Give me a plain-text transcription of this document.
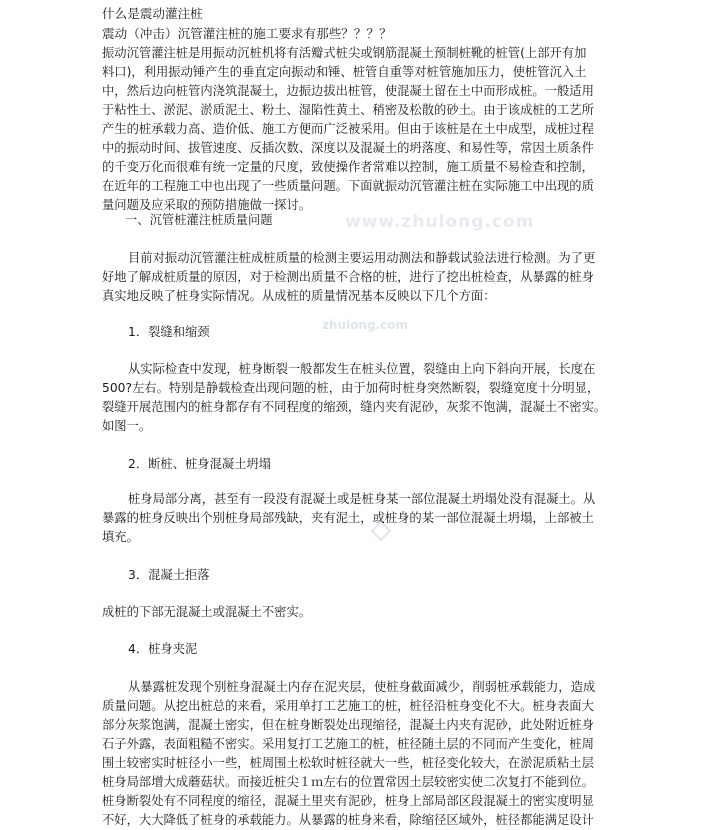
www.zhulong.com
zhulong.com
什么是震动灌注桩
震动（冲击）沉管灌注桩的施工要求有那些？？？？
振动沉管灌注桩是用振动沉桩机将有活瓣式桩尖或钢筋混凝土预制桩靴的桩管(上部开有加
料口)，利用振动锤产生的垂直定向振动和锤、桩管自重等对桩管施加压力，使桩管沉入土
中，然后边向桩管内浇筑混凝土，边振边拔出桩管，使混凝土留在土中而形成桩。一般适用
于粘性土、淤泥、淤质泥土、粉土、湿陷性黄土、稍密及松散的砂土。由于该成桩的工艺所
产生的桩承载力高、造价低、施工方便而广泛被采用。但由于该桩是在土中成型，成桩过程
中的振动时间、拔管速度、反插次数、深度以及混凝土的坍落度、和易性等，常因土质条件
的千变万化而很难有统一定量的尺度，致使操作者常难以控制，施工质量不易检查和控制，
在近年的工程施工中也出现了一些质量问题。下面就振动沉管灌注桩在实际施工中出现的质
量问题及应采取的预防措施做一探讨。
一、沉管桩灌注桩质量问题
目前对振动沉管灌注桩成桩质量的检测主要运用动测法和静载试验法进行检测。为了更
好地了解成桩质量的原因，对于检测出质量不合格的桩，进行了挖出桩检查，从暴露的桩身
真实地反映了桩身实际情况。从成桩的质量情况基本反映以下几个方面：
1．裂缝和缩颈
从实际检查中发现，桩身断裂一般都发生在桩头位置，裂缝由上向下斜向开展，长度在
500?左右。特别是静载检查出现问题的桩，由于加荷时桩身突然断裂，裂缝宽度十分明显，
裂缝开展范围内的桩身都存有不同程度的缩颈，缝内夹有泥砂，灰浆不饱满，混凝土不密实。
如图一。
2．断桩、桩身混凝土坍塌
桩身局部分离，甚至有一段没有混凝土或是桩身某一部位混凝土坍塌处没有混凝土。从
暴露的桩身反映出个别桩身局部残缺，夹有泥土，或桩身的某一部位混凝土坍塌，上部被土
填充。
3．混凝土拒落
成桩的下部无混凝土或混凝土不密实。
4．桩身夹泥
从暴露桩发现个别桩身混凝土内存在泥夹层，使桩身截面减少，削弱桩承载能力，造成
质量问题。从挖出桩总的来看，采用单打工艺施工的桩，桩径沿桩身变化不大。桩身表面大
部分灰浆饱满，混凝土密实，但在桩身断裂处出现缩径，混凝土内夹有泥砂，此处附近桩身
石子外露，表面粗糙不密实。采用复打工艺施工的桩，桩径随土层的不同而产生变化，桩周
围土较密实时桩径小一些，桩周围土松软时桩径就大一些，桩径变化较大，在淤泥质粘土层
桩身局部增大成蘑菇状。而接近桩尖１ｍ左右的位置常因土层较密实使二次复打不能到位。
桩身断裂处有不同程度的缩径，混凝土里夹有泥砂，桩身上部局部区段混凝土的密实度明显
不好，大大降低了桩身的承载能力。从暴露的桩身来看，除缩径区域外，桩径都能满足设计
